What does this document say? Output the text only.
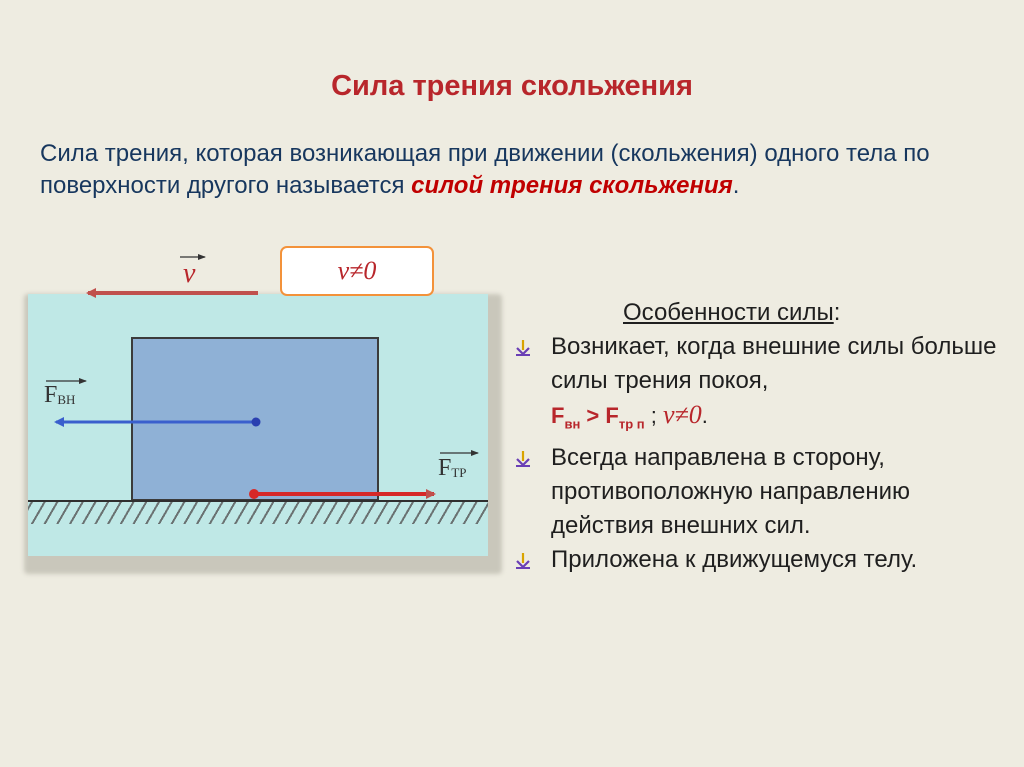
Сила трения скольжения
Сила трения, которая возникающая при движении (скольжения) одного тела по поверхности другого называется силой трения скольжения.
v≠0
v
$F_{ВН}$
$F_{ТР}$
Особенности силы:
Возникает, когда внешние силы больше силы трения покоя,
$F_{вн} > F_{тр п}$ ; v≠0.
Всегда направлена в сторону, противоположную направлению действия внешних сил.
Приложена к движущемуся телу.
